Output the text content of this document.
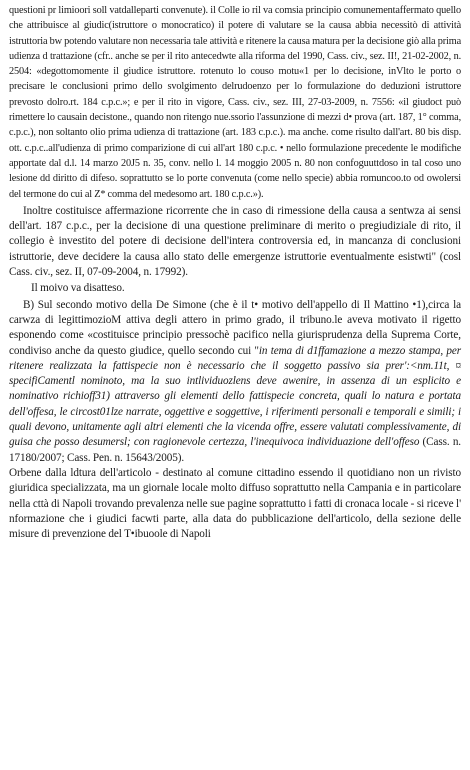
questioni pr limioori soll vatdalleparti convenute). il Colle io ril va comsia principio comunementaffermato quello che attribuisce al giudic(istruttore o monocratico) il potere di valutare se la causa abbia necessitò di attività istruttoria bw potendo valutare non necessaria tale attività e ritenere la causa matura per la decisione giò alla prima udienza d trattazione (cfr.. anche se per il rito antecedwte alla riforma del 1990, Cass. civ., sez. II!, 21-02-2002, n. 2504: «degottomomente il giudice istruttore. rotenuto lo couso motu«1 per lo decisione, inVlto le porto o precisare le conclusioni primo dello svolgimento delrudoenzo per lo formulazione do deduzioni istruttore prevosto dolro.rt. 184 c.p.c.»; e per il rito in vigore, Cass. civ., sez. III, 27-03-2009, n. 7556: «il giudoct può rimettere lo causain decistone., quando non ritengo nue.ssorio l'assunzione di mezzi d• prova (art. 187, 1° comma, c.p.c.), non soltanto olio prima udienza di trattazione (art. 183 c.p.c.). ma anche. come risulto dall'art. 80 bis disp. ott. c.p.c..all'udienza di primo comparizione di cui all'art 180 c.p.c. • nello formulazione precedente le modifiche apportate dal d.l. 14 marzo 20J5 n. 35, conv. nello l. 14 moggio 2005 n. 80 non confoguuttdoso in tal coso uno lesione dd diritto di difeso. soprattutto se lo porte convenuta (come nello specie) abbia romuncoo.to od owolersi del termone do cui al Z* comma del medesomo art. 180 c.p.c.»).

Inoltre costituisce affermazione ricorrente che in caso di rimessione della causa a sentwza ai sensi dell'art. 187 c.p.c., per la decisione di una questione preliminare di merito o pregiudiziale di rito, il collegio è investito del potere di decisione dell'intera controversia ed, in mancanza di conclusioni istruttorie, deve decidere la causa allo stato delle emergenze istruttorie eventualmente esistwti" (cosl Cass. civ., sez. II, 07-09-2004, n. 17992).

Il moivo va disatteso.

B) Sul secondo motivo della De Simone (che è il t• motivo dell'appello di Il Mattino •1),circa la carwza di legittimozioM attiva degli attero in primo grado, il tribuno.le aveva motivato il rigetto esponendo come «costituisce principio pressochè pacifico nella giurisprudenza della Suprema Corte, condiviso anche da questo giudice, quello secondo cui "in tema di d1ffamazione a mezzo stampa, per ritenere realizzata la fattispecie non è necessario che il soggetto passivo sia prer':<nm.11t, ¤ specifiCamentl nominoto, ma la suo intlividuozlens deve awenire, in assenza di un esplicito e nominativo richioff31) attraverso gli elementi dello fattispecie concreta, quali lo natura e portata dell'offesa, le circost01lze narrate, oggettive e soggettive, i riferimenti personali e temporali e simili; i quali devono, unitamente agli altri elementi che la vicenda offre, essere valutati complessivamente, di guisa che posso desumersl; con ragionevole certezza, l'inequivoca individuazione dell'offeso (Cass. n. 17180/2007; Cass. Pen. n. 15643/2005).

Orbene dalla ldtura dell'articolo - destinato al comune cittadino essendo il quotidiano non un rivisto giuridica specializzata, ma un giornale locale molto diffuso soprattutto nella Campania e in particolare nella cttà di Napoli trovando prevalenza nelle sue pagine soprattutto i fatti di cronaca locale - si riceve l' nformazione che i giudici facwti parte, alla data do pubblicazione dell'articolo, della sezione delle misure di prevenzione del T•ibuoole di Napoli
